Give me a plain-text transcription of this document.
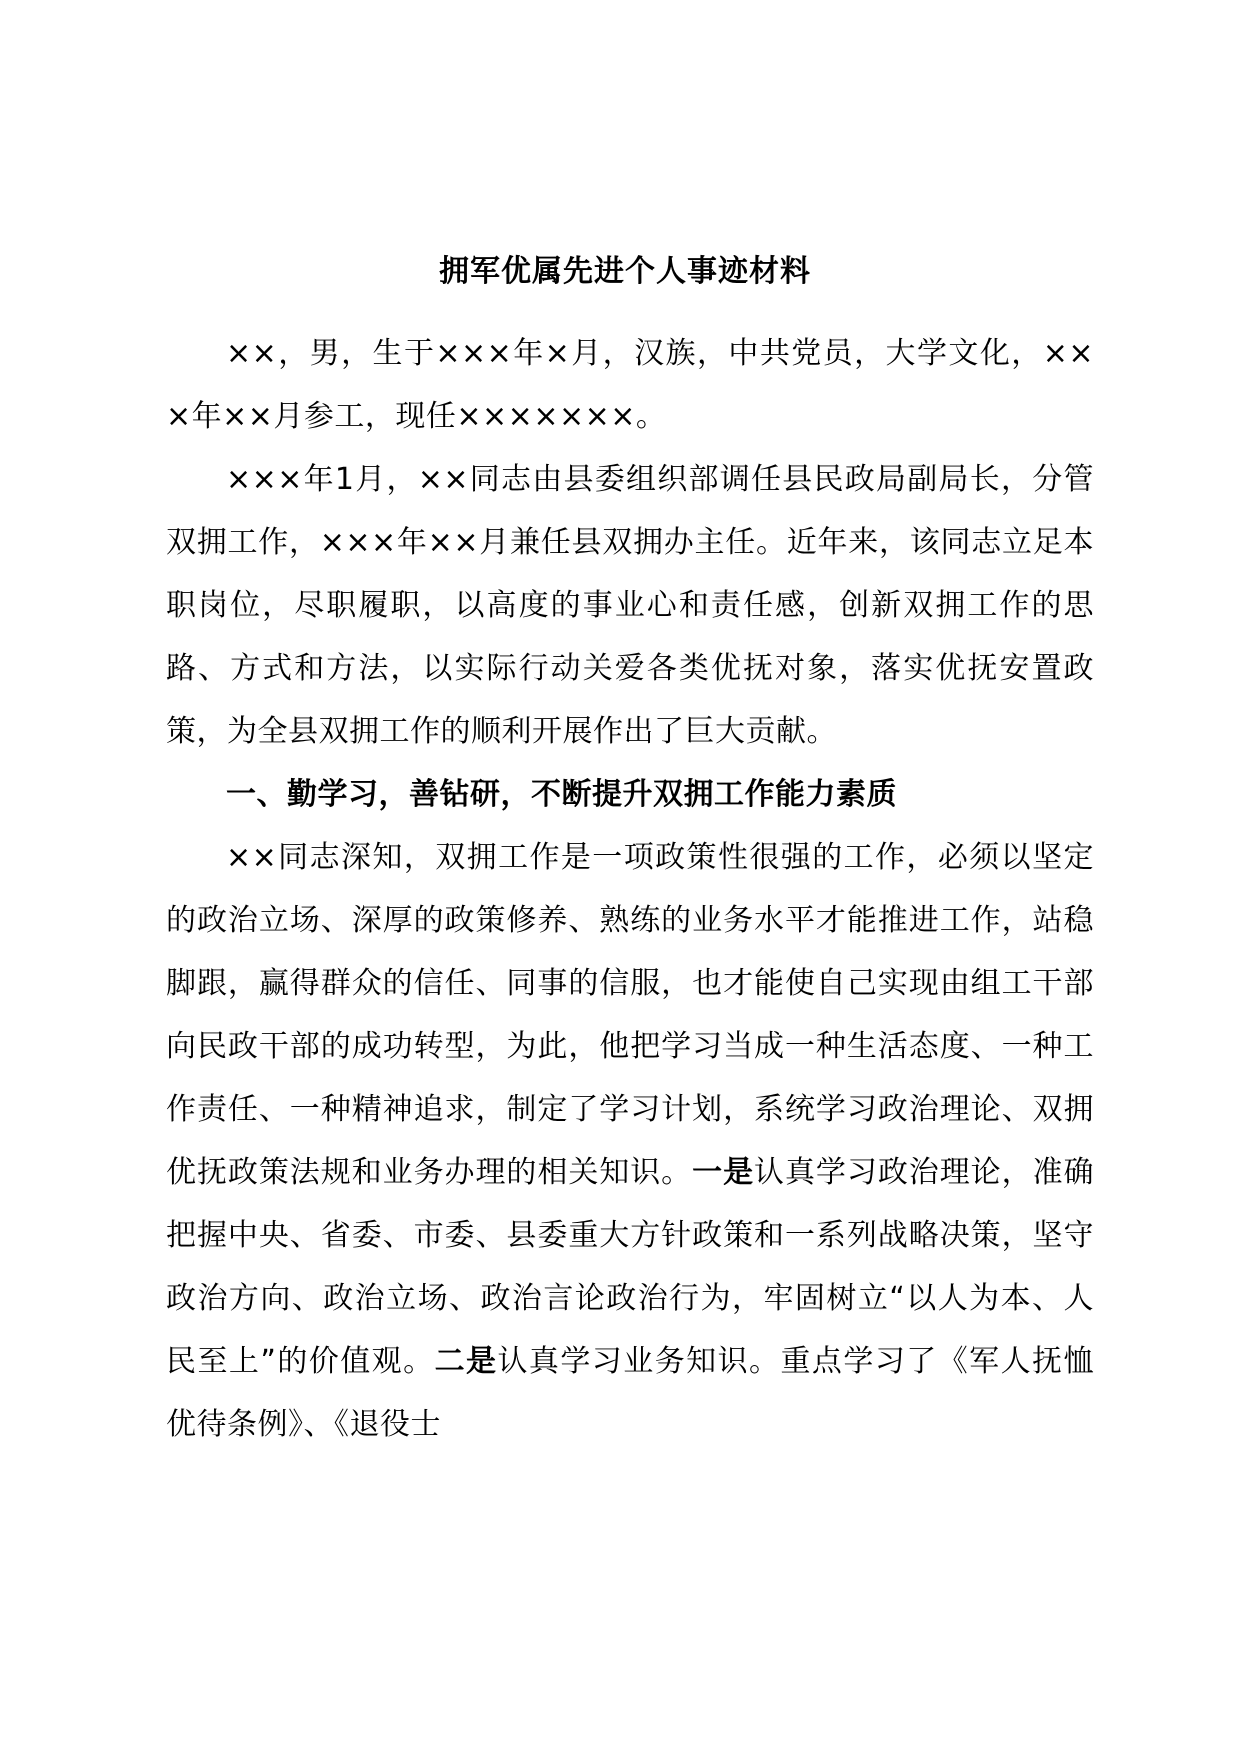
拥军优属先进个人事迹材料

××，男，生于×××年×月，汉族，中共党员，大学文化，×××年××月参工，现任×××××××。

×××年1月，××同志由县委组织部调任县民政局副局长，分管双拥工作，×××年××月兼任县双拥办主任。近年来，该同志立足本职岗位，尽职履职，以高度的事业心和责任感，创新双拥工作的思路、方式和方法，以实际行动关爱各类优抚对象，落实优抚安置政策，为全县双拥工作的顺利开展作出了巨大贡献。

一、勤学习，善钻研，不断提升双拥工作能力素质

××同志深知，双拥工作是一项政策性很强的工作，必须以坚定的政治立场、深厚的政策修养、熟练的业务水平才能推进工作，站稳脚跟，赢得群众的信任、同事的信服，也才能使自己实现由组工干部向民政干部的成功转型，为此，他把学习当成一种生活态度、一种工作责任、一种精神追求，制定了学习计划，系统学习政治理论、双拥优抚政策法规和业务办理的相关知识。一是认真学习政治理论，准确把握中央、省委、市委、县委重大方针政策和一系列战略决策，坚守政治方向、政治立场、政治言论政治行为，牢固树立“以人为本、人民至上”的价值观。二是认真学习业务知识。重点学习了《军人抚恤优待条例》、《退役士
